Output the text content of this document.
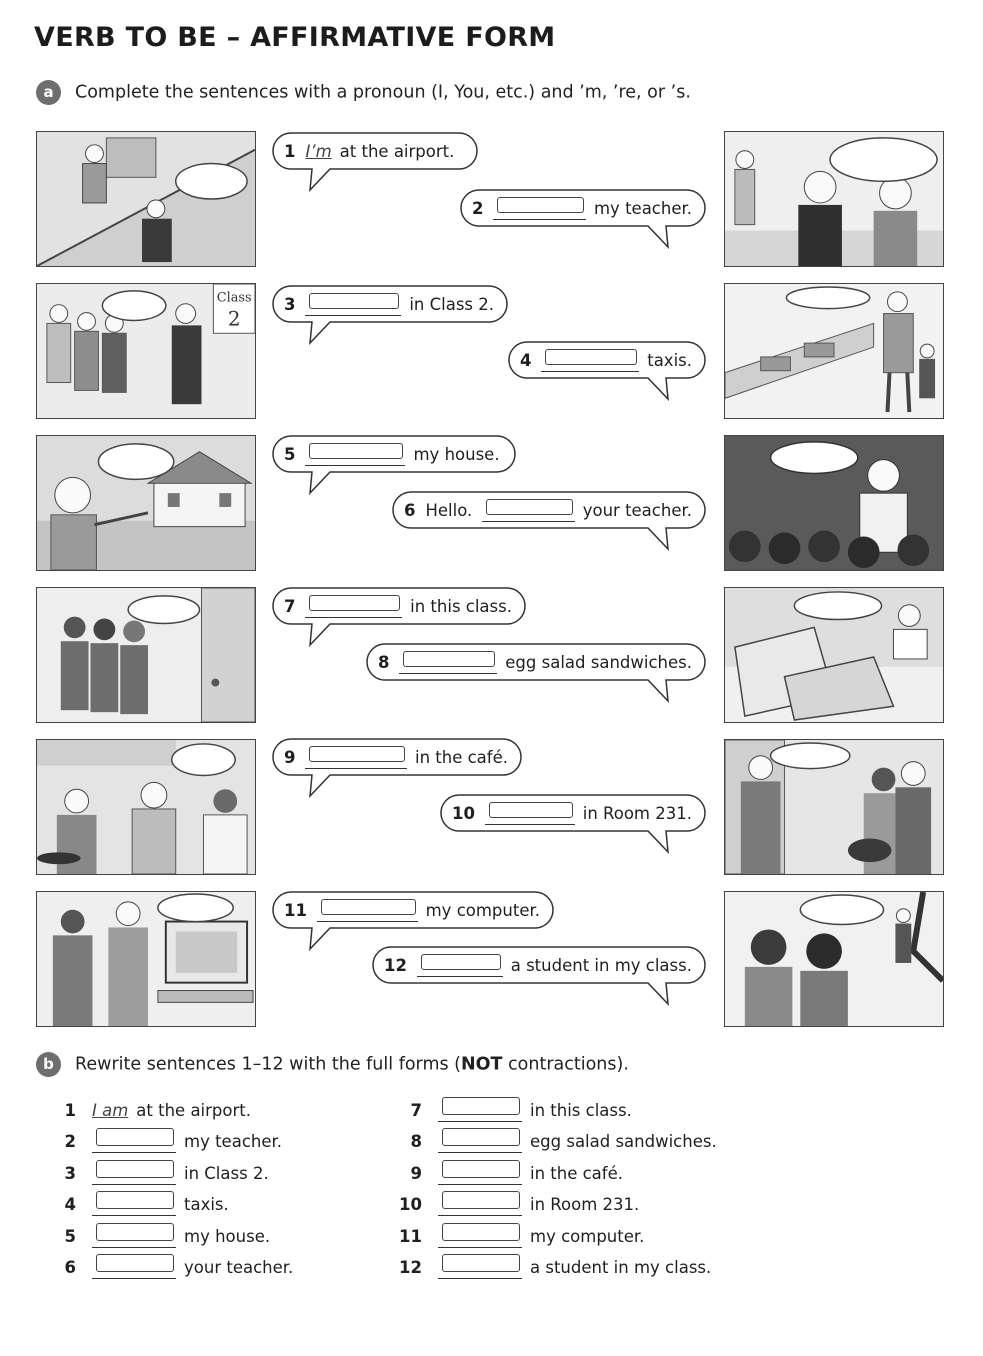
VERB TO BE – AFFIRMATIVE FORM
a Complete the sentences with a pronoun (I, You, etc.) and ’m, ’re, or ’s.
Class
2
1 I’m at the airport.
2	my teacher.
3	in Class 2.
4	taxis.
5	my house.
6 Hello.	your teacher.
7	in this class.
8	egg salad sandwiches.
9	in the café.
10	in Room 231.
11	my computer.
12	a student in my class.
b Rewrite sentences 1–12 with the full forms (NOT contractions).
1 I am at the airport.
2	my teacher.
3	in Class 2.
4	taxis.
5	my house.
6	your teacher.
7	in this class.
8	egg salad sandwiches.
9	in the café.
10	in Room 231.
11	my computer.
12	a student in my class.
